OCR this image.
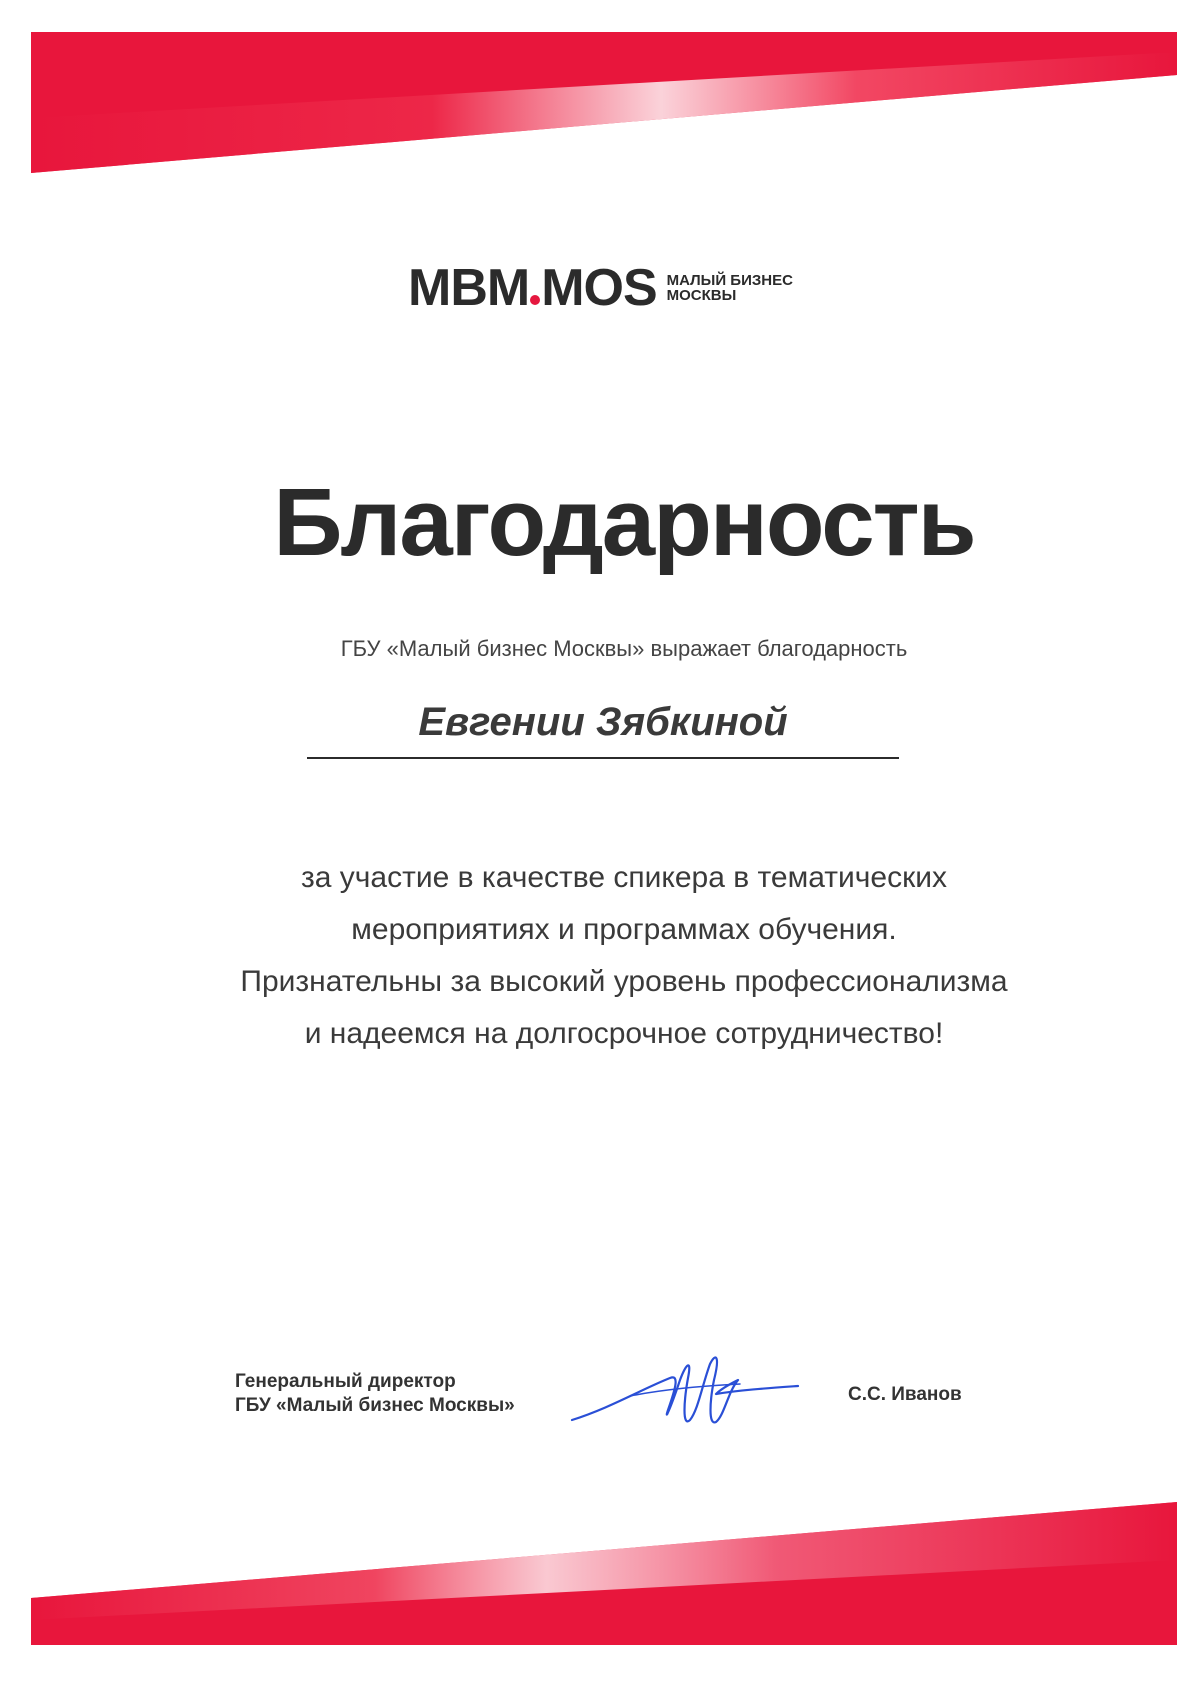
MBM MOS МАЛЫЙ БИЗНЕС
МОСКВЫ
Благодарность
ГБУ «Малый бизнес Москвы» выражает благодарность
Евгении Зябкиной
за участие в качестве спикера в тематических
мероприятиях и программах обучения.
Признательны за высокий уровень профессионализма
и надеемся на долгосрочное сотрудничество!
Генеральный директор
ГБУ «Малый бизнес Москвы»
С.С. Иванов
